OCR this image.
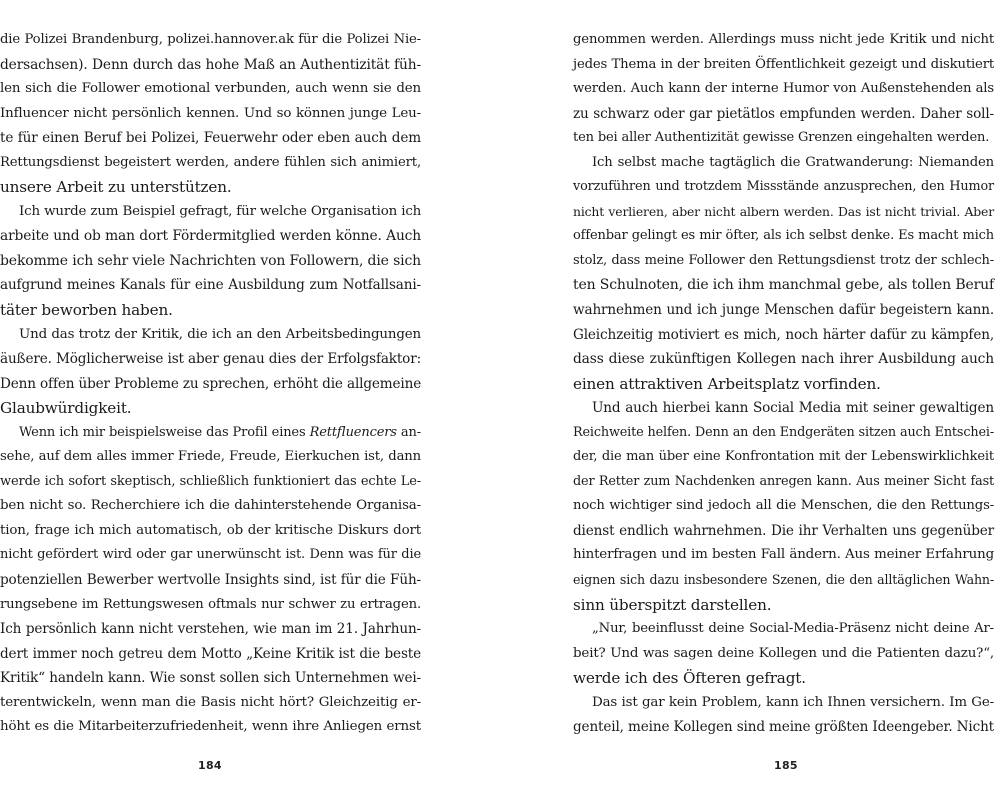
die Polizei Brandenburg, polizei.hannover.ak für die Polizei Nie-
dersachsen). Denn durch das hohe Maß an Authentizität füh-
len sich die Follower emotional verbunden, auch wenn sie den
Influencer nicht persönlich kennen. Und so können junge Leu-
te für einen Beruf bei Polizei, Feuerwehr oder eben auch dem
Rettungsdienst begeistert werden, andere fühlen sich animiert,
unsere Arbeit zu unterstützen.
Ich wurde zum Beispiel gefragt, für welche Organisation ich
arbeite und ob man dort Fördermitglied werden könne. Auch
bekomme ich sehr viele Nachrichten von Followern, die sich
aufgrund meines Kanals für eine Ausbildung zum Notfallsani-
täter beworben haben.
Und das trotz der Kritik, die ich an den Arbeitsbedingungen
äußere. Möglicherweise ist aber genau dies der Erfolgsfaktor:
Denn offen über Probleme zu sprechen, erhöht die allgemeine
Glaubwürdigkeit.
Wenn ich mir beispielsweise das Profil eines Rettfluencers an-
sehe, auf dem alles immer Friede, Freude, Eierkuchen ist, dann
werde ich sofort skeptisch, schließlich funktioniert das echte Le-
ben nicht so. Recherchiere ich die dahinterstehende Organisa-
tion, frage ich mich automatisch, ob der kritische Diskurs dort
nicht gefördert wird oder gar unerwünscht ist. Denn was für die
potenziellen Bewerber wertvolle Insights sind, ist für die Füh-
rungsebene im Rettungswesen oftmals nur schwer zu ertragen.
Ich persönlich kann nicht verstehen, wie man im 21. Jahrhun-
dert immer noch getreu dem Motto „Keine Kritik ist die beste
Kritik“ handeln kann. Wie sonst sollen sich Unternehmen wei-
terentwickeln, wenn man die Basis nicht hört? Gleichzeitig er-
höht es die Mitarbeiterzufriedenheit, wenn ihre Anliegen ernst
184
genommen werden. Allerdings muss nicht jede Kritik und nicht
jedes Thema in der breiten Öffentlichkeit gezeigt und diskutiert
werden. Auch kann der interne Humor von Außenstehenden als
zu schwarz oder gar pietätlos empfunden werden. Daher soll-
ten bei aller Authentizität gewisse Grenzen eingehalten werden.
Ich selbst mache tagtäglich die Gratwanderung: Niemanden
vorzuführen und trotzdem Missstände anzusprechen, den Humor
nicht verlieren, aber nicht albern werden. Das ist nicht trivial. Aber
offenbar gelingt es mir öfter, als ich selbst denke. Es macht mich
stolz, dass meine Follower den Rettungsdienst trotz der schlech-
ten Schulnoten, die ich ihm manchmal gebe, als tollen Beruf
wahrnehmen und ich junge Menschen dafür begeistern kann.
Gleichzeitig motiviert es mich, noch härter dafür zu kämpfen,
dass diese zukünftigen Kollegen nach ihrer Ausbildung auch
einen attraktiven Arbeitsplatz vorfinden.
Und auch hierbei kann Social Media mit seiner gewaltigen
Reichweite helfen. Denn an den Endgeräten sitzen auch Entschei-
der, die man über eine Konfrontation mit der Lebenswirklichkeit
der Retter zum Nachdenken anregen kann. Aus meiner Sicht fast
noch wichtiger sind jedoch all die Menschen, die den Rettungs-
dienst endlich wahrnehmen. Die ihr Verhalten uns gegenüber
hinterfragen und im besten Fall ändern. Aus meiner Erfahrung
eignen sich dazu insbesondere Szenen, die den alltäglichen Wahn-
sinn überspitzt darstellen.
„Nur, beeinflusst deine Social-Media-Präsenz nicht deine Ar-
beit? Und was sagen deine Kollegen und die Patienten dazu?“,
werde ich des Öfteren gefragt.
Das ist gar kein Problem, kann ich Ihnen versichern. Im Ge-
genteil, meine Kollegen sind meine größten Ideengeber. Nicht
185
